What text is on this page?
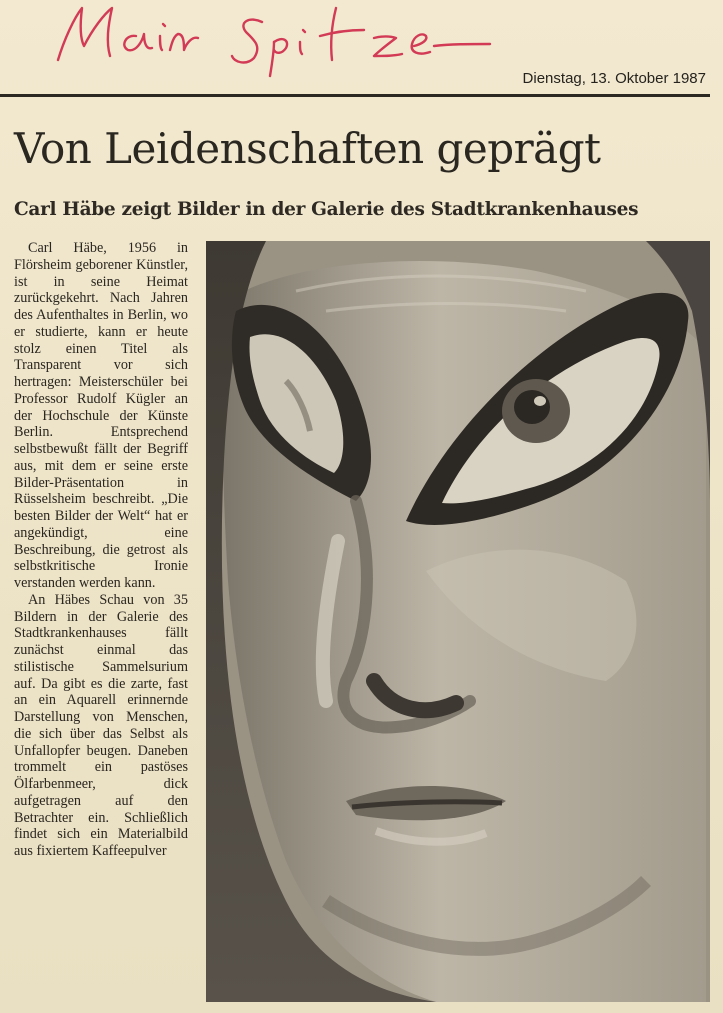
Dienstag, 13. Oktober 1987
Von Leidenschaften geprägt
Carl Häbe zeigt Bilder in der Galerie des Stadtkrankenhauses

Carl Häbe, 1956 in Flörsheim geborener Künstler, ist in seine Heimat zurückgekehrt. Nach Jahren des Aufenthaltes in Berlin, wo er studierte, kann er heute stolz einen Titel als Transparent vor sich hertragen: Meisterschüler bei Professor Rudolf Kügler an der Hochschule der Künste Berlin. Entsprechend selbstbewußt fällt der Begriff aus, mit dem er seine erste Bilder-Präsentation in Rüsselsheim beschreibt. „Die besten Bilder der Welt“ hat er angekündigt, eine Beschreibung, die getrost als selbstkritische Ironie verstanden werden kann.

An Häbes Schau von 35 Bildern in der Galerie des Stadtkrankenhauses fällt zunächst einmal das stilistische Sammelsurium auf. Da gibt es die zarte, fast an ein Aquarell erinnernde Darstellung von Menschen, die sich über das Selbst als Unfallopfer beugen. Daneben trommelt ein pastöses Ölfarbenmeer, dick aufgetragen auf den Betrachter ein. Schließlich findet sich ein Materialbild aus fixiertem Kaffeepulver
